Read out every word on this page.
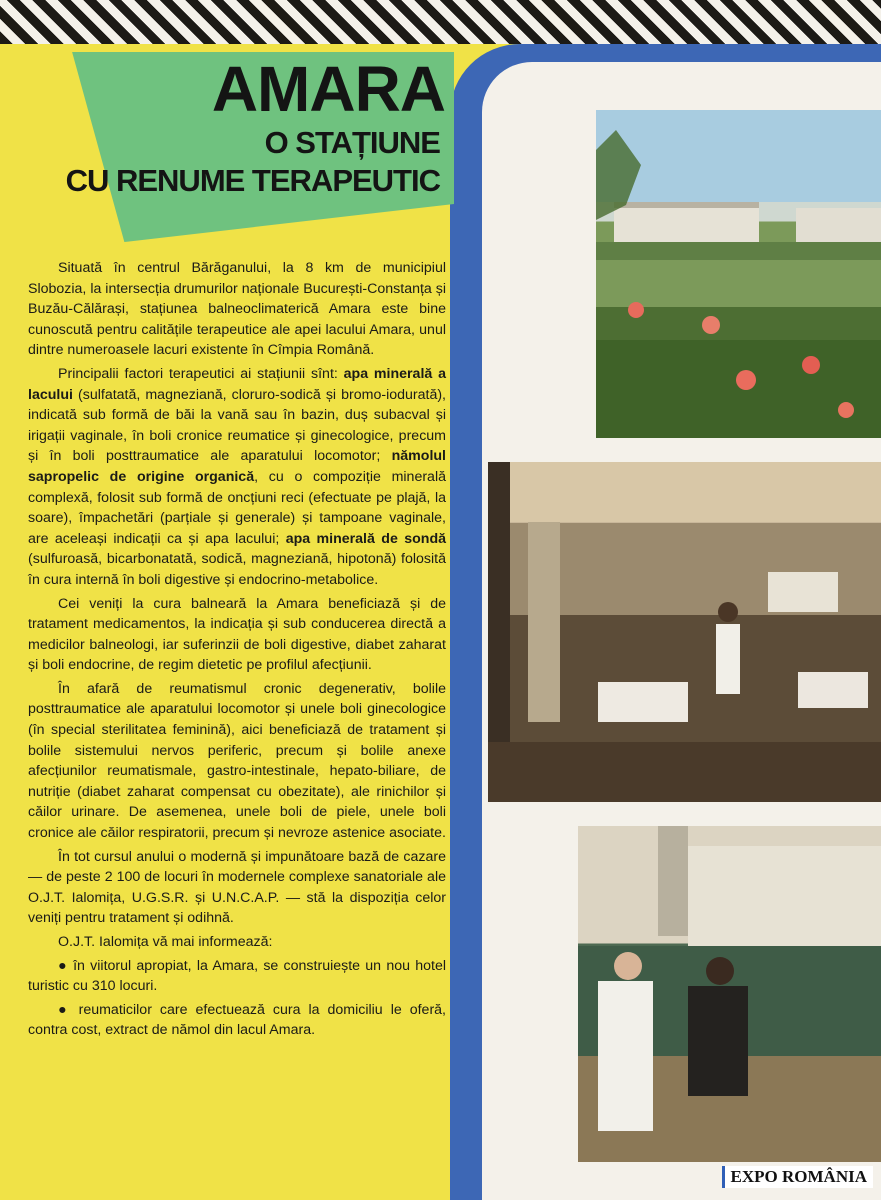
AMARA
O STAȚIUNE
CU RENUME TERAPEUTIC

Situată în centrul Bărăganului, la 8 km de municipiul Slobozia, la intersecția drumurilor naționale București-Constanța și Buzău-Călărași, stațiunea balneoclimaterică Amara este bine cunoscută pentru calitățile terapeutice ale apei lacului Amara, unul dintre numeroasele lacuri existente în Cîmpia Română.

Principalii factori terapeutici ai stațiunii sînt: apa minerală a lacului (sulfatată, magneziană, cloruro-sodică și bromo-iodurată), indicată sub formă de băi la vană sau în bazin, duș subacval și irigații vaginale, în boli cronice reumatice și ginecologice, precum și în boli posttraumatice ale aparatului locomotor; nămolul sapropelic de origine organică, cu o compoziție minerală complexă, folosit sub formă de oncțiuni reci (efectuate pe plajă, la soare), împachetări (parțiale și generale) și tampoane vaginale, are aceleași indicații ca și apa lacului; apa minerală de sondă (sulfuroasă, bicarbonatată, sodică, magneziană, hipotonă) folosită în cura internă în boli digestive și endocrino-metabolice.

Cei veniți la cura balneară la Amara beneficiază și de tratament medicamentos, la indicația și sub conducerea directă a medicilor balneologi, iar suferinzii de boli digestive, diabet zaharat și boli endocrine, de regim dietetic pe profilul afecțiunii.

În afară de reumatismul cronic degenerativ, bolile posttraumatice ale aparatului locomotor și unele boli ginecologice (în special sterilitatea feminină), aici beneficiază de tratament și bolile sistemului nervos periferic, precum și bolile anexe afecțiunilor reumatismale, gastro-intestinale, hepato-biliare, de nutriție (diabet zaharat compensat cu obezitate), ale rinichilor și căilor urinare. De asemenea, unele boli de piele, unele boli cronice ale căilor respiratorii, precum și nevroze astenice asociate.

În tot cursul anului o modernă și impunătoare bază de cazare — de peste 2 100 de locuri în modernele complexe sanatoriale ale O.J.T. Ialomița, U.G.S.R. și U.N.C.A.P. — stă la dispoziția celor veniți pentru tratament și odihnă.

O.J.T. Ialomița vă mai informează:

● în viitorul apropiat, la Amara, se construiește un nou hotel turistic cu 310 locuri.

● reumaticilor care efectuează cura la domiciliu le oferă, contra cost, extract de nămol din lacul Amara.

EXPO ROMÂNIA
